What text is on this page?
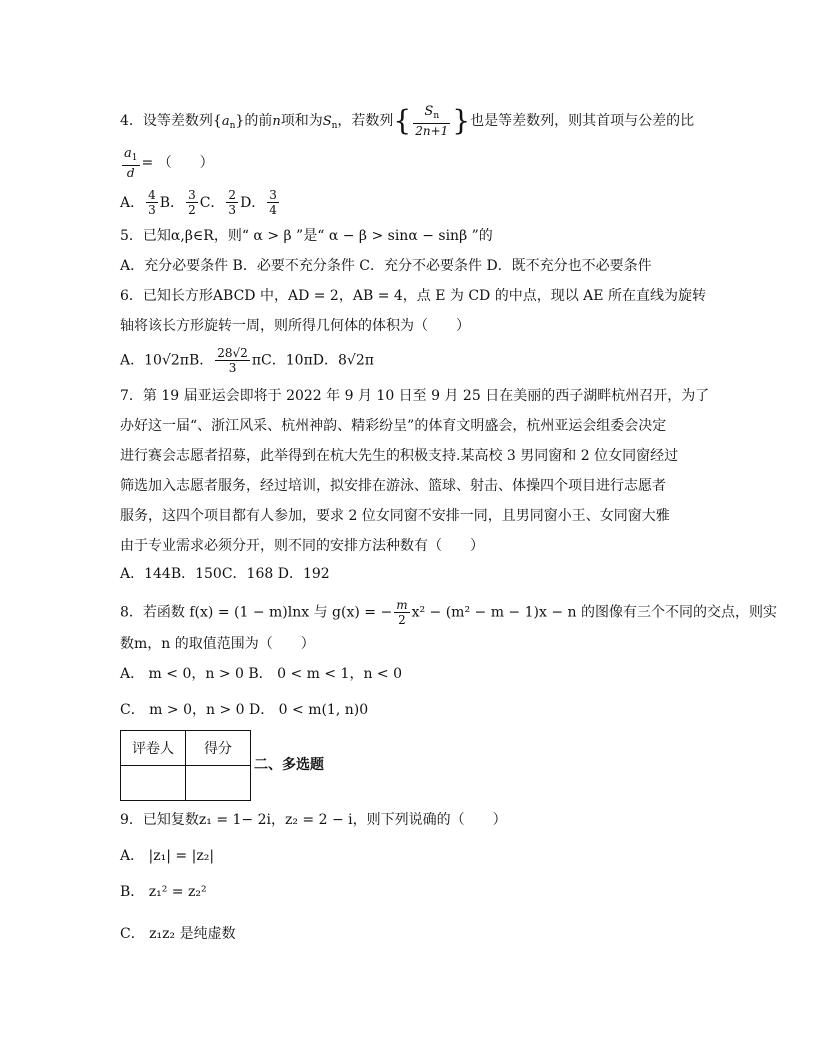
4．设等差数列$\{a_n\}$的前n项和为$S_n$，若数列{ $\frac{S_n}{2n+1}$ }也是等差数列，则其首项与公差的比
$\frac{a_1}{d}$ = （　　）
A． $\frac{4}{3}$ B． $\frac{3}{2}$ C． $\frac{2}{3}$ D． $\frac{3}{4}$
5．已知α,β∈R，则“ α > β ”是“ α − β > sinα − sinβ ”的
A．充分必要条件 B．必要不充分条件 C．充分不必要条件 D．既不充分也不必要条件
6．已知长方形ABCD 中，AD = 2，AB = 4，点 E 为 CD 的中点，现以 AE 所在直线为旋转
轴将该长方形旋转一周，则所得几何体的体积为（　　）
A．10√2πB． $\frac{28√2}{3}$ πC．10πD．8√2π
7．第 19 届亚运会即将于 2022 年 9 月 10 日至 9 月 25 日在美丽的西子湖畔杭州召开，为了
办好这一届“、浙江风采、杭州神韵、精彩纷呈”的体育文明盛会，杭州亚运会组委会决定
进行赛会志愿者招募，此举得到在杭大先生的积极支持.某高校 3 男同窗和 2 位女同窗经过
筛选加入志愿者服务，经过培训，拟安排在游泳、篮球、射击、体操四个项目进行志愿者
服务，这四个项目都有人参加，要求 2 位女同窗不安排一同，且男同窗小王、女同窗大雅
由于专业需求必须分开，则不同的安排方法种数有（　　）
A．144B．150C．168 D．192
8．若函数 f(x) = (1 − m)lnx 与 g(x) = − $\frac{m}{2} x^2 - (m^2 - m - 1)x - n$ 的图像有三个不同的交点，则实
数m，n 的取值范围为（　　）
A． m < 0，n > 0 B． 0 < m < 1，n < 0
C． m > 0，n > 0 D． 0 < m(1, n)0
评卷人	得分

二、多选题
9．已知复数z₁ = 1− 2i，z₂ = 2 − i，则下列说确的（　　）
A． |z₁| = |z₂|
B． z₁² = z₂²
C． z₁z₂ 是纯虚数
